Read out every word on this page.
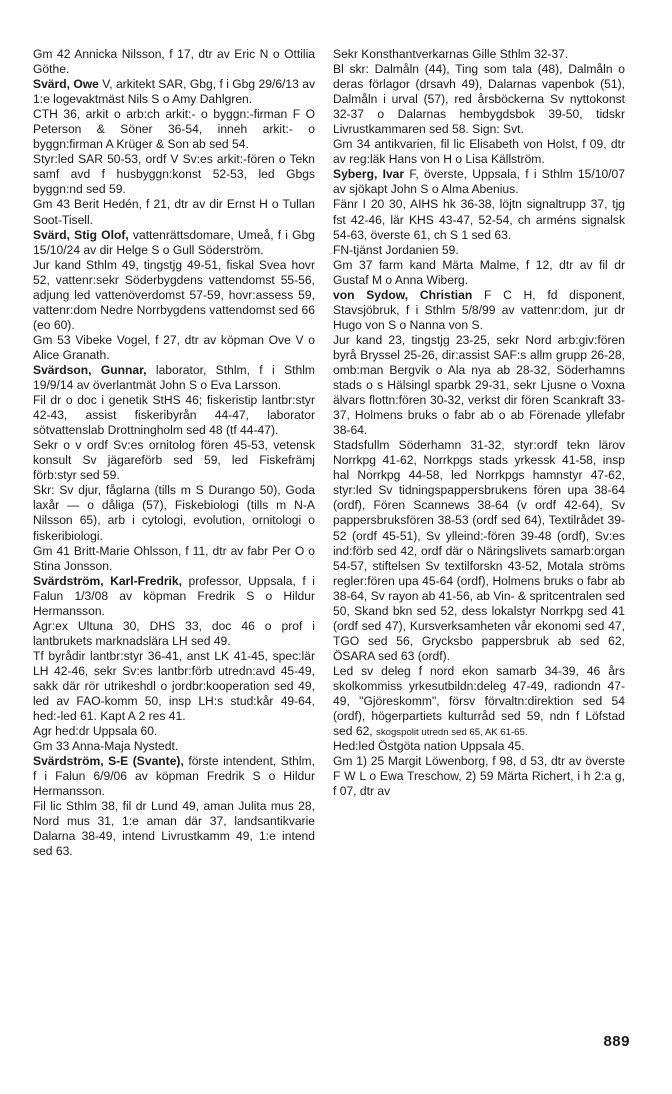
Gm 42 Annicka Nilsson, f 17, dtr av Eric N o Ottilia Göthe.

Svärd, Owe V, arkitekt SAR, Gbg, f i Gbg 29/6/13 av 1:e logevaktmäst Nils S o Amy Dahlgren.

CTH 36, arkit o arb:ch arkit:- o byggn:-firman F O Peterson & Söner 36-54, inneh arkit:- o byggn:firman A Krüger & Son ab sed 54.

Styr:led SAR 50-53, ordf V Sv:es arkit:-fören o Tekn samf avd f husbyggn:konst 52-53, led Gbgs byggn:nd sed 59.

Gm 43 Berit Hedén, f 21, dtr av dir Ernst H o Tullan Soot-Tisell.

Svärd, Stig Olof, vattenrättsdomare, Umeå, f i Gbg 15/10/24 av dir Helge S o Gull Söderström.

Jur kand Sthlm 49, tingstjg 49-51, fiskal Svea hovr 52, vattenr:sekr Söderbygdens vattendomst 55-56, adjung led vattenöverdomst 57-59, hovr:assess 59, vattenr:dom Nedre Norrbygdens vattendomst sed 66 (eo 60).

Gm 53 Vibeke Vogel, f 27, dtr av köpman Ove V o Alice Granath.

Svärdson, Gunnar, laborator, Sthlm, f i Sthlm 19/9/14 av överlantmät John S o Eva Larsson.

Fil dr o doc i genetik StHS 46; fiskeristip lantbr:styr 42-43, assist fiskeribyrån 44-47, laborator sötvattenslab Drottningholm sed 48 (tf 44-47).

Sekr o v ordf Sv:es ornitolog fören 45-53, vetensk konsult Sv jägareförb sed 59, led Fiskefrämj förb:styr sed 59.

Skr: Sv djur, fåglarna (tills m S Durango 50), Goda laxår — o dåliga (57), Fiskebiologi (tills m N-A Nilsson 65), arb i cytologi, evolution, ornitologi o fiskeribiologi.

Gm 41 Britt-Marie Ohlsson, f 11, dtr av fabr Per O o Stina Jonsson.

Svärdström, Karl-Fredrik, professor, Uppsala, f i Falun 1/3/08 av köpman Fredrik S o Hildur Hermansson.

Agr:ex Ultuna 30, DHS 33, doc 46 o prof i lantbrukets marknadslära LH sed 49.

Tf byrådir lantbr:styr 36-41, anst LK 41-45, spec:lär LH 42-46, sekr Sv:es lantbr:förb utredn:avd 45-49, sakk där rör utrikeshdl o jordbr:kooperation sed 49, led av FAO-komm 50, insp LH:s stud:kår 49-64, hed:-led 61. Kapt A 2 res 41.

Agr hed:dr Uppsala 60.

Gm 33 Anna-Maja Nystedt.

Svärdström, S-E (Svante), förste intendent, Sthlm, f i Falun 6/9/06 av köpman Fredrik S o Hildur Hermansson.

Fil lic Sthlm 38, fil dr Lund 49, aman Julita mus 28, Nord mus 31, 1:e aman där 37, landsantikvarie Dalarna 38-49, intend Livrustkamm 49, 1:e intend sed 63.

Sekr Konsthantverkarnas Gille Sthlm 32-37.

Bl skr: Dalmåln (44), Ting som tala (48), Dalmåln o deras förlagor (drsavh 49), Dalarnas vapenbok (51), Dalmåln i urval (57), red årsböckerna Sv nyttokonst 32-37 o Dalarnas hembygdsbok 39-50, tidskr Livrustkammaren sed 58. Sign: Svt.

Gm 34 antikvarien, fil lic Elisabeth von Holst, f 09, dtr av reg:läk Hans von H o Lisa Källström.

Syberg, Ivar F, överste, Uppsala, f i Sthlm 15/10/07 av sjökapt John S o Alma Abenius.

Fänr I 20 30, AIHS hk 36-38, löjtn signaltrupp 37, tjg fst 42-46, lär KHS 43-47, 52-54, ch arméns signalsk 54-63, överste 61, ch S 1 sed 63.

FN-tjänst Jordanien 59.

Gm 37 farm kand Märta Malme, f 12, dtr av fil dr Gustaf M o Anna Wiberg.

von Sydow, Christian F C H, fd disponent, Stavsjöbruk, f i Sthlm 5/8/99 av vattenr:dom, jur dr Hugo von S o Nanna von S.

Jur kand 23, tingstjg 23-25, sekr Nord arb:giv:fören byrå Bryssel 25-26, dir:assist SAF:s allm grupp 26-28, omb:man Bergvik o Ala nya ab 28-32, Söderhamns stads o s Hälsingl sparbk 29-31, sekr Ljusne o Voxna älvars flottn:fören 30-32, verkst dir fören Scankraft 33-37, Holmens bruks o fabr ab o ab Förenade yllefabr 38-64.

Stadsfullm Söderhamn 31-32, styr:ordf tekn lärov Norrkpg 41-62, Norrkpgs stads yrkessk 41-58, insp hal Norrkpg 44-58, led Norrkpgs hamnstyr 47-62, styr:led Sv tidningspappersbrukens fören upa 38-64 (ordf), Fören Scannews 38-64 (v ordf 42-64), Sv pappersbruksfören 38-53 (ordf sed 64), Textilrådet 39-52 (ordf 45-51), Sv ylleind:-fören 39-48 (ordf), Sv:es ind:förb sed 42, ordf där o Näringslivets samarb:organ 54-57, stiftelsen Sv textilforskn 43-52, Motala ströms regler:fören upa 45-64 (ordf), Holmens bruks o fabr ab 38-64, Sv rayon ab 41-56, ab Vin- & spritcentralen sed 50, Skand bkn sed 52, dess lokalstyr Norrkpg sed 41 (ordf sed 47), Kursverksamheten vår ekonomi sed 47, TGO sed 56, Grycksbo pappersbruk ab sed 62, ÖSARA sed 63 (ordf).

Led sv deleg f nord ekon samarb 34-39, 46 års skolkommiss yrkesutbildn:deleg 47-49, radiondn 47-49, "Gjöreskomm", försv förvaltn:direktion sed 54 (ordf), högerpartiets kulturråd sed 59, ndn f Löfstad sed 62, skogspolit utredn sed 65, AK 61-65.

Hed:led Östgöta nation Uppsala 45.

Gm 1) 25 Margit Löwenborg, f 98, d 53, dtr av överste F W L o Ewa Treschow, 2) 59 Märta Richert, i h 2:a g, f 07, dtr av

889
